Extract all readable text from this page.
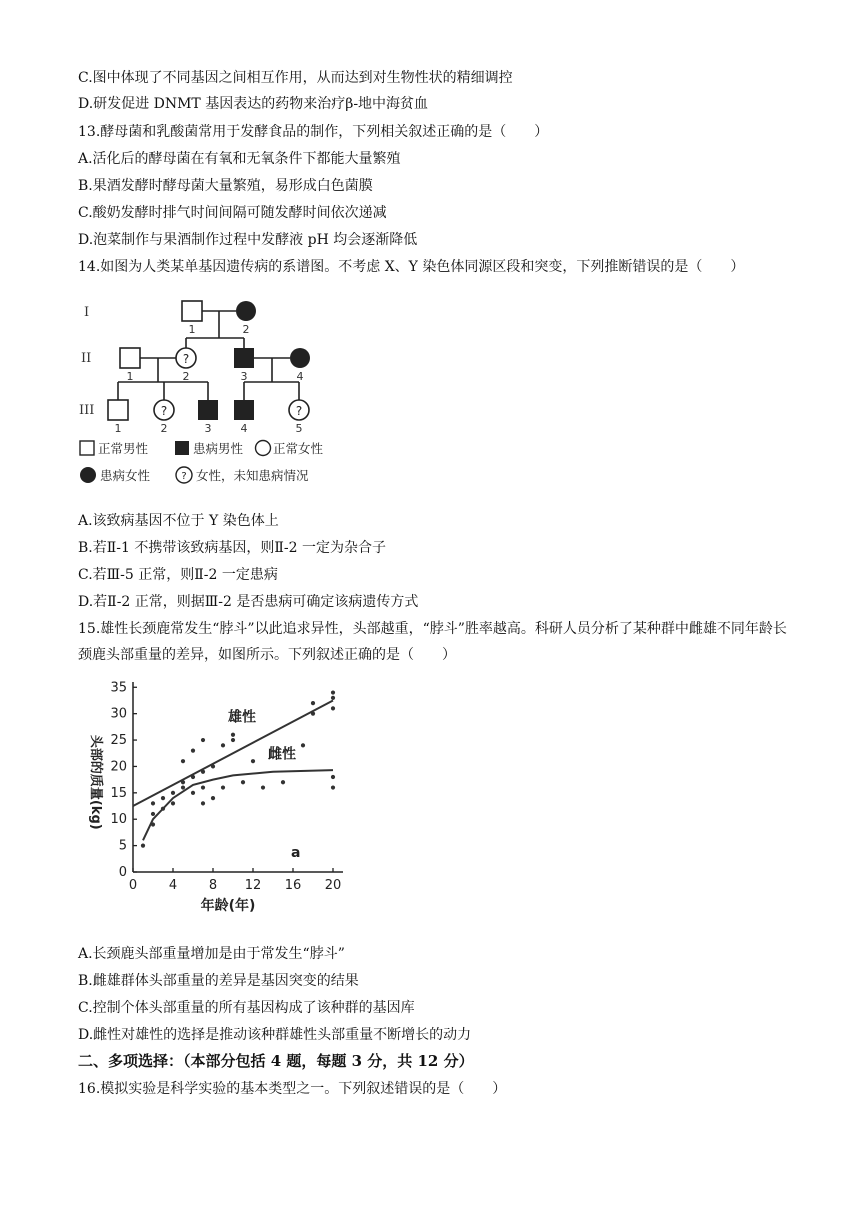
C.图中体现了不同基因之间相互作用，从而达到对生物性状的精细调控
D.研发促进 DNMT 基因表达的药物来治疗β-地中海贫血
13.酵母菌和乳酸菌常用于发酵食品的制作，下列相关叙述正确的是（　　）
A.活化后的酵母菌在有氧和无氧条件下都能大量繁殖
B.果酒发酵时酵母菌大量繁殖，易形成白色菌膜
C.酸奶发酵时排气时间间隔可随发酵时间依次递减
D.泡菜制作与果酒制作过程中发酵液 pH 均会逐渐降低
14.如图为人类某单基因遗传病的系谱图。不考虑 X、Y 染色体同源区段和突变，下列推断错误的是（　　）
I
II
III
?
?	?
1	2
1	2	3	4
1	2	3	4	5
正常男性	患病男性 正常女性
患病女性	? 女性，未知患病情况
A.该致病基因不位于 Y 染色体上
B.若Ⅱ-1 不携带该致病基因，则Ⅱ-2 一定为杂合子
C.若Ⅲ-5 正常，则Ⅱ-2 一定患病
D.若Ⅱ-2 正常，则据Ⅲ-2 是否患病可确定该病遗传方式
15.雄性长颈鹿常发生“脖斗”以此追求异性，头部越重，“脖斗”胜率越高。科研人员分析了某种群中雌雄不同年龄长颈鹿头部重量的差异，如图所示。下列叙述正确的是（　　）
0 4 8 12 16 20
0
5
10
15
20
25
30
35
雄性
雌性
a
年龄(年)
头部的质量(kg)
A.长颈鹿头部重量增加是由于常发生“脖斗”
B.雌雄群体头部重量的差异是基因突变的结果
C.控制个体头部重量的所有基因构成了该种群的基因库
D.雌性对雄性的选择是推动该种群雄性头部重量不断增长的动力
二、多项选择：（本部分包括 4 题，每题 3 分，共 12 分）
16.模拟实验是科学实验的基本类型之一。下列叙述错误的是（　　）
